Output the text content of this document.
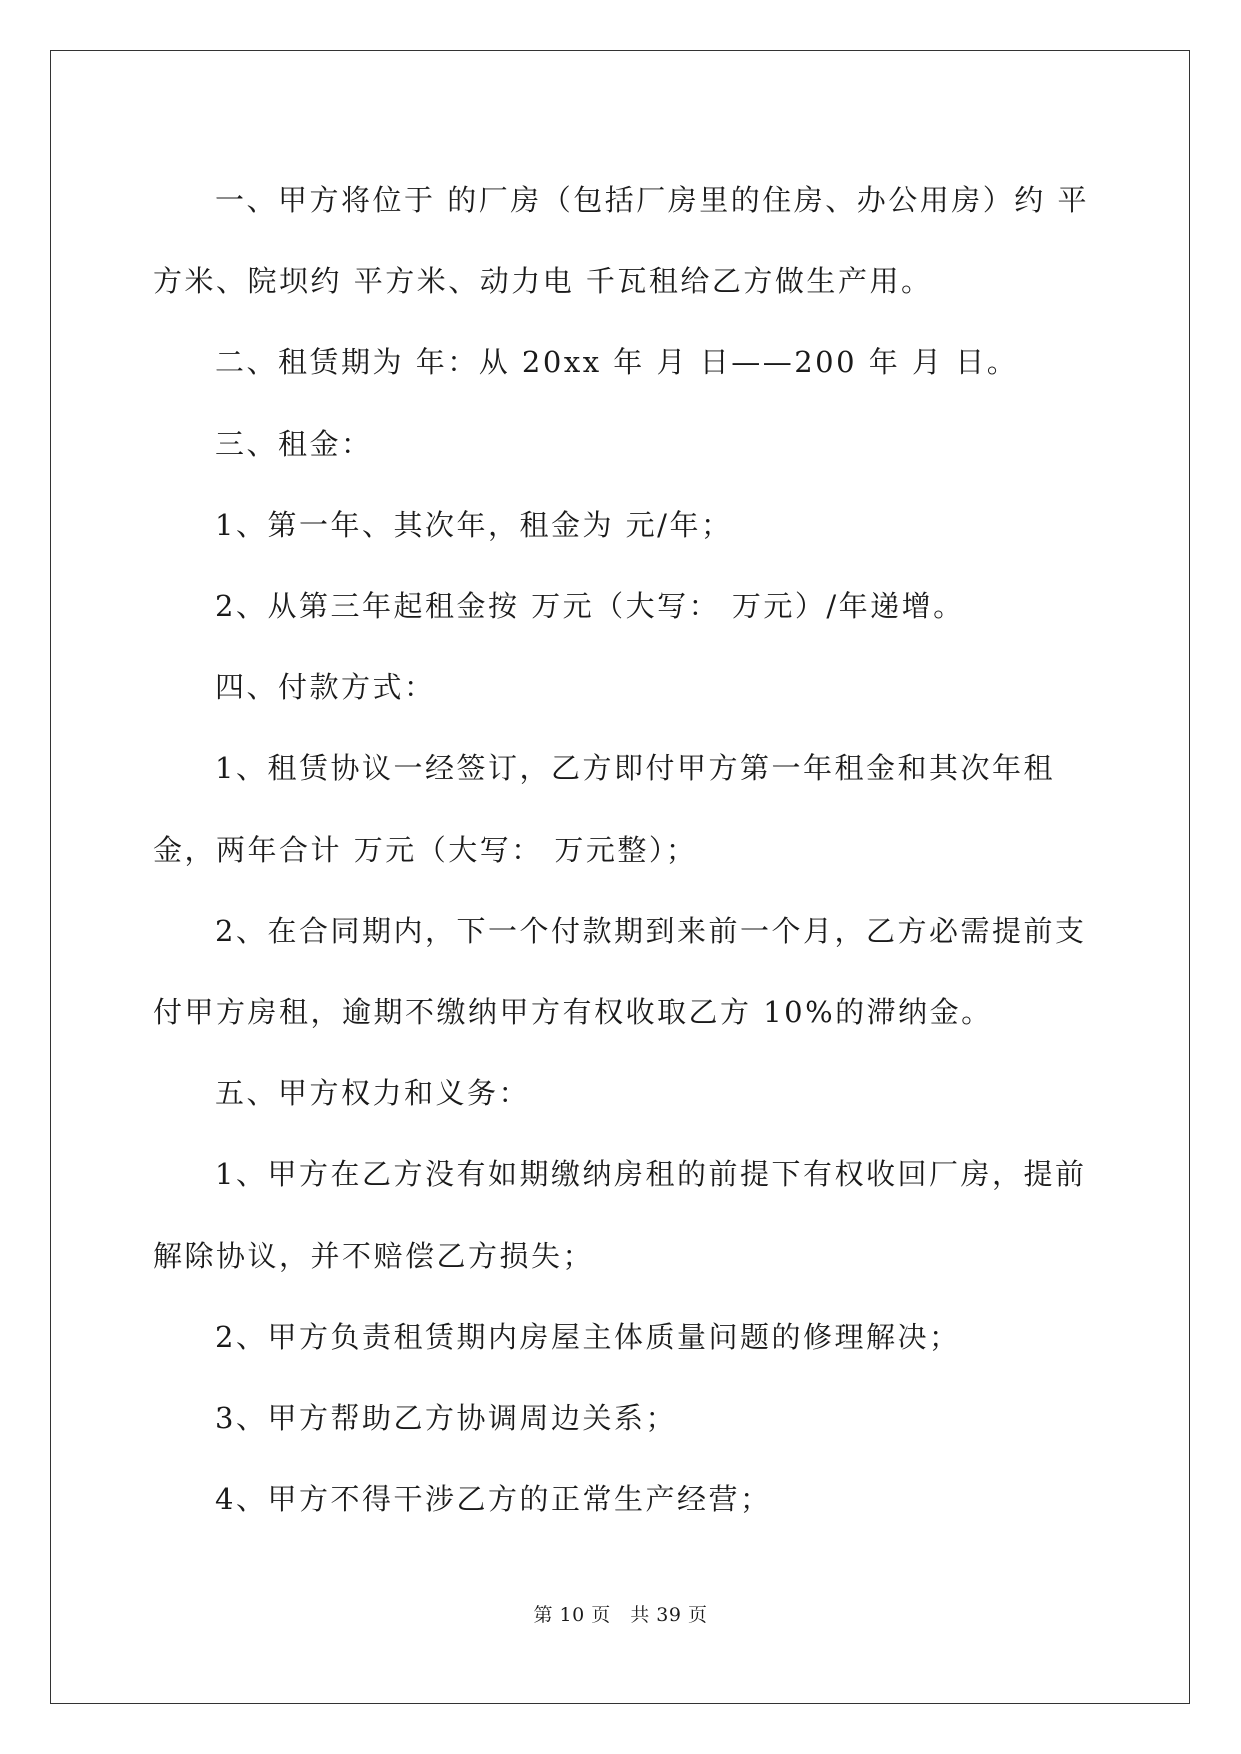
一、甲方将位于 的厂房（包括厂房里的住房、办公用房）约 平方米、院坝约 平方米、动力电 千瓦租给乙方做生产用。

二、租赁期为 年：从 20xx 年 月 日——200 年 月 日。

三、租金：

1、第一年、其次年，租金为 元/年；

2、从第三年起租金按 万元（大写： 万元）/年递增。

四、付款方式：

1、租赁协议一经签订，乙方即付甲方第一年租金和其次年租金，两年合计 万元（大写： 万元整）；

2、在合同期内，下一个付款期到来前一个月，乙方必需提前支付甲方房租，逾期不缴纳甲方有权收取乙方 10%的滞纳金。

五、甲方权力和义务：

1、甲方在乙方没有如期缴纳房租的前提下有权收回厂房，提前解除协议，并不赔偿乙方损失；

2、甲方负责租赁期内房屋主体质量问题的修理解决；

3、甲方帮助乙方协调周边关系；

4、甲方不得干涉乙方的正常生产经营；

第 10 页　共 39 页
